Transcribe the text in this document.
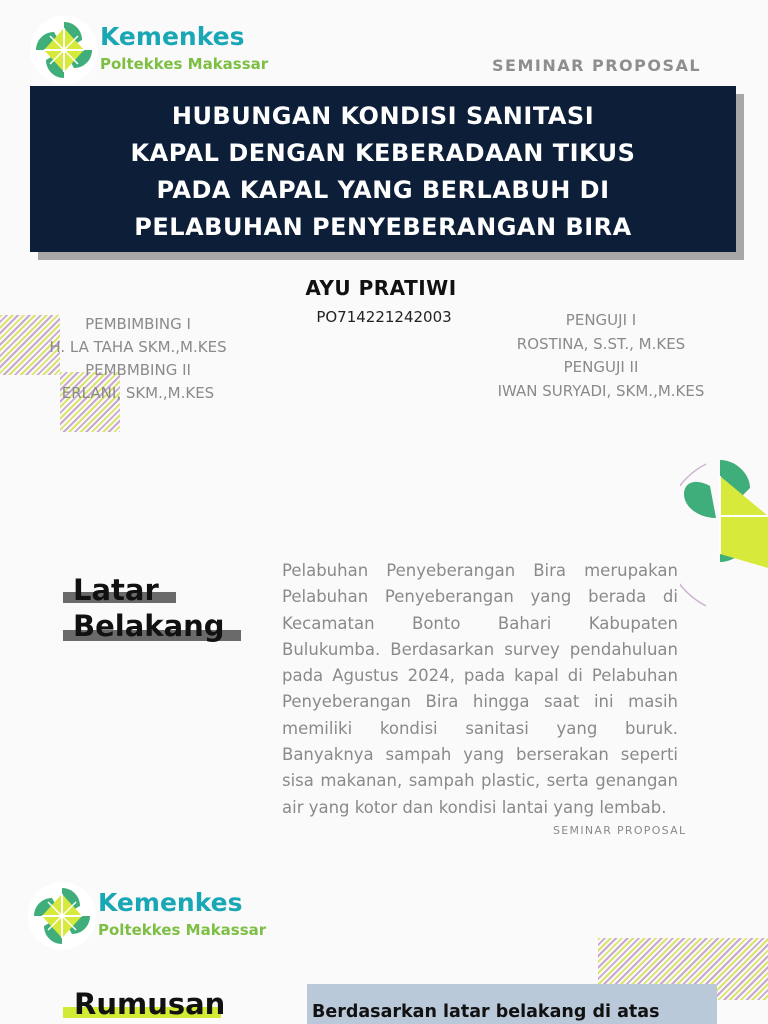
Kemenkes
Poltekkes Makassar	SEMINAR PROPOSAL
HUBUNGAN KONDISI SANITASI
KAPAL DENGAN KEBERADAAN TIKUS
PADA KAPAL YANG BERLABUH DI
PELABUHAN PENYEBERANGAN BIRA
AYU PRATIWI
PO714221242003
PEMBIMBING I
H. LA TAHA SKM.,M.KES
PEMBMBING II
ERLANI, SKM.,M.KES
PENGUJI I
ROSTINA, S.ST., M.KES
PENGUJI II
IWAN SURYADI, SKM.,M.KES
Latar
Belakang
Pelabuhan Penyeberangan Bira merupakan Pelabuhan Penyeberangan yang berada di Kecamatan Bonto Bahari Kabupaten Bulukumba. Berdasarkan survey pendahuluan pada Agustus 2024, pada kapal di Pelabuhan Penyeberangan Bira hingga saat ini masih memiliki kondisi sanitasi yang buruk. Banyaknya sampah yang berserakan seperti sisa makanan, sampah plastic, serta genangan air yang kotor dan kondisi lantai yang lembab.
SEMINAR PROPOSAL
Kemenkes
Poltekkes Makassar
Rumusan	Berdasarkan latar belakang di atas
